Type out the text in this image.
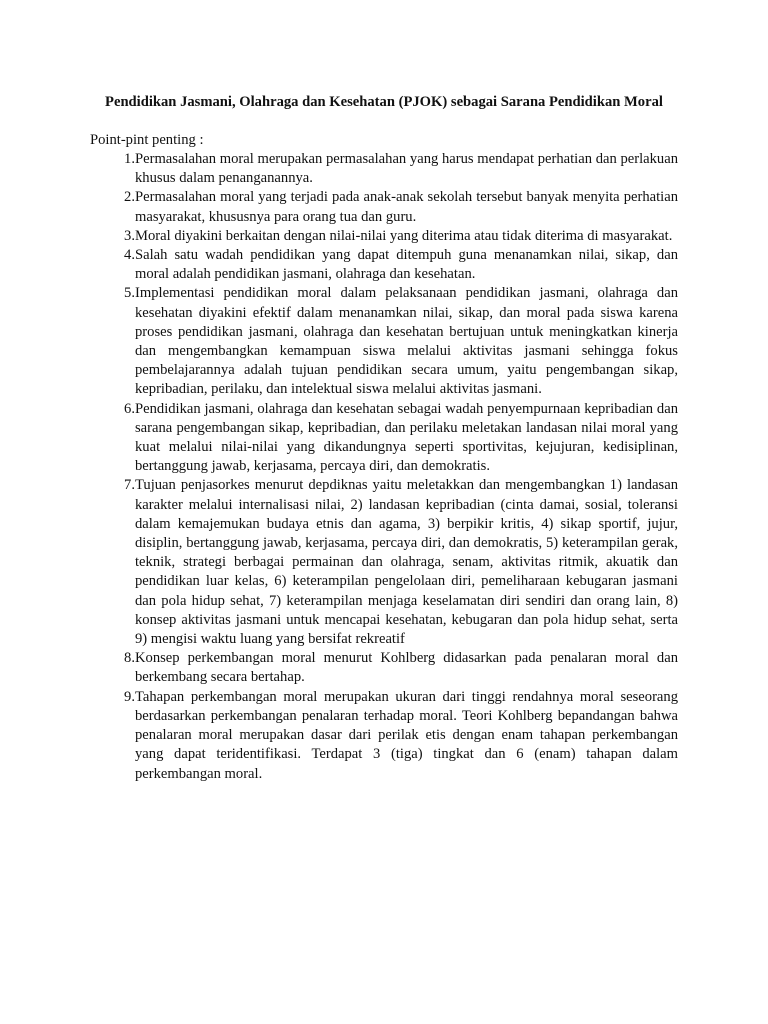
Pendidikan Jasmani, Olahraga dan Kesehatan (PJOK) sebagai Sarana Pendidikan Moral

Point-pint penting :

1. Permasalahan moral merupakan permasalahan yang harus mendapat perhatian dan perlakuan khusus dalam penanganannya.
2. Permasalahan moral yang terjadi pada anak-anak sekolah tersebut banyak menyita perhatian masyarakat, khususnya para orang tua dan guru.
3. Moral diyakini berkaitan dengan nilai-nilai yang diterima atau tidak diterima di masyarakat.
4. Salah satu wadah pendidikan yang dapat ditempuh guna menanamkan nilai, sikap, dan moral adalah pendidikan jasmani, olahraga dan kesehatan.
5. Implementasi pendidikan moral dalam pelaksanaan pendidikan jasmani, olahraga dan kesehatan diyakini efektif dalam menanamkan nilai, sikap, dan moral pada siswa karena proses pendidikan jasmani, olahraga dan kesehatan bertujuan untuk meningkatkan kinerja dan mengembangkan kemampuan siswa melalui aktivitas jasmani sehingga fokus pembelajarannya adalah tujuan pendidikan secara umum, yaitu pengembangan sikap, kepribadian, perilaku, dan intelektual siswa melalui aktivitas jasmani.
6. Pendidikan jasmani, olahraga dan kesehatan sebagai wadah penyempurnaan kepribadian dan sarana pengembangan sikap, kepribadian, dan perilaku meletakan landasan nilai moral yang kuat melalui nilai-nilai yang dikandungnya seperti sportivitas, kejujuran, kedisiplinan, bertanggung jawab, kerjasama, percaya diri, dan demokratis.
7. Tujuan penjasorkes menurut depdiknas yaitu meletakkan dan mengembangkan 1) landasan karakter melalui internalisasi nilai, 2) landasan kepribadian (cinta damai, sosial, toleransi dalam kemajemukan budaya etnis dan agama, 3) berpikir kritis, 4) sikap sportif, jujur, disiplin, bertanggung jawab, kerjasama, percaya diri, dan demokratis, 5) keterampilan gerak, teknik, strategi berbagai permainan dan olahraga, senam, aktivitas ritmik, akuatik dan pendidikan luar kelas, 6) keterampilan pengelolaan diri, pemeliharaan kebugaran jasmani dan pola hidup sehat, 7) keterampilan menjaga keselamatan diri sendiri dan orang lain, 8) konsep aktivitas jasmani untuk mencapai kesehatan, kebugaran dan pola hidup sehat, serta 9) mengisi waktu luang yang bersifat rekreatif
8. Konsep perkembangan moral menurut Kohlberg didasarkan pada penalaran moral dan berkembang secara bertahap.
9. Tahapan perkembangan moral merupakan ukuran dari tinggi rendahnya moral seseorang berdasarkan perkembangan penalaran terhadap moral. Teori Kohlberg bepandangan bahwa penalaran moral merupakan dasar dari perilak etis dengan enam tahapan perkembangan yang dapat teridentifikasi. Terdapat 3 (tiga) tingkat dan 6 (enam) tahapan dalam perkembangan moral.
